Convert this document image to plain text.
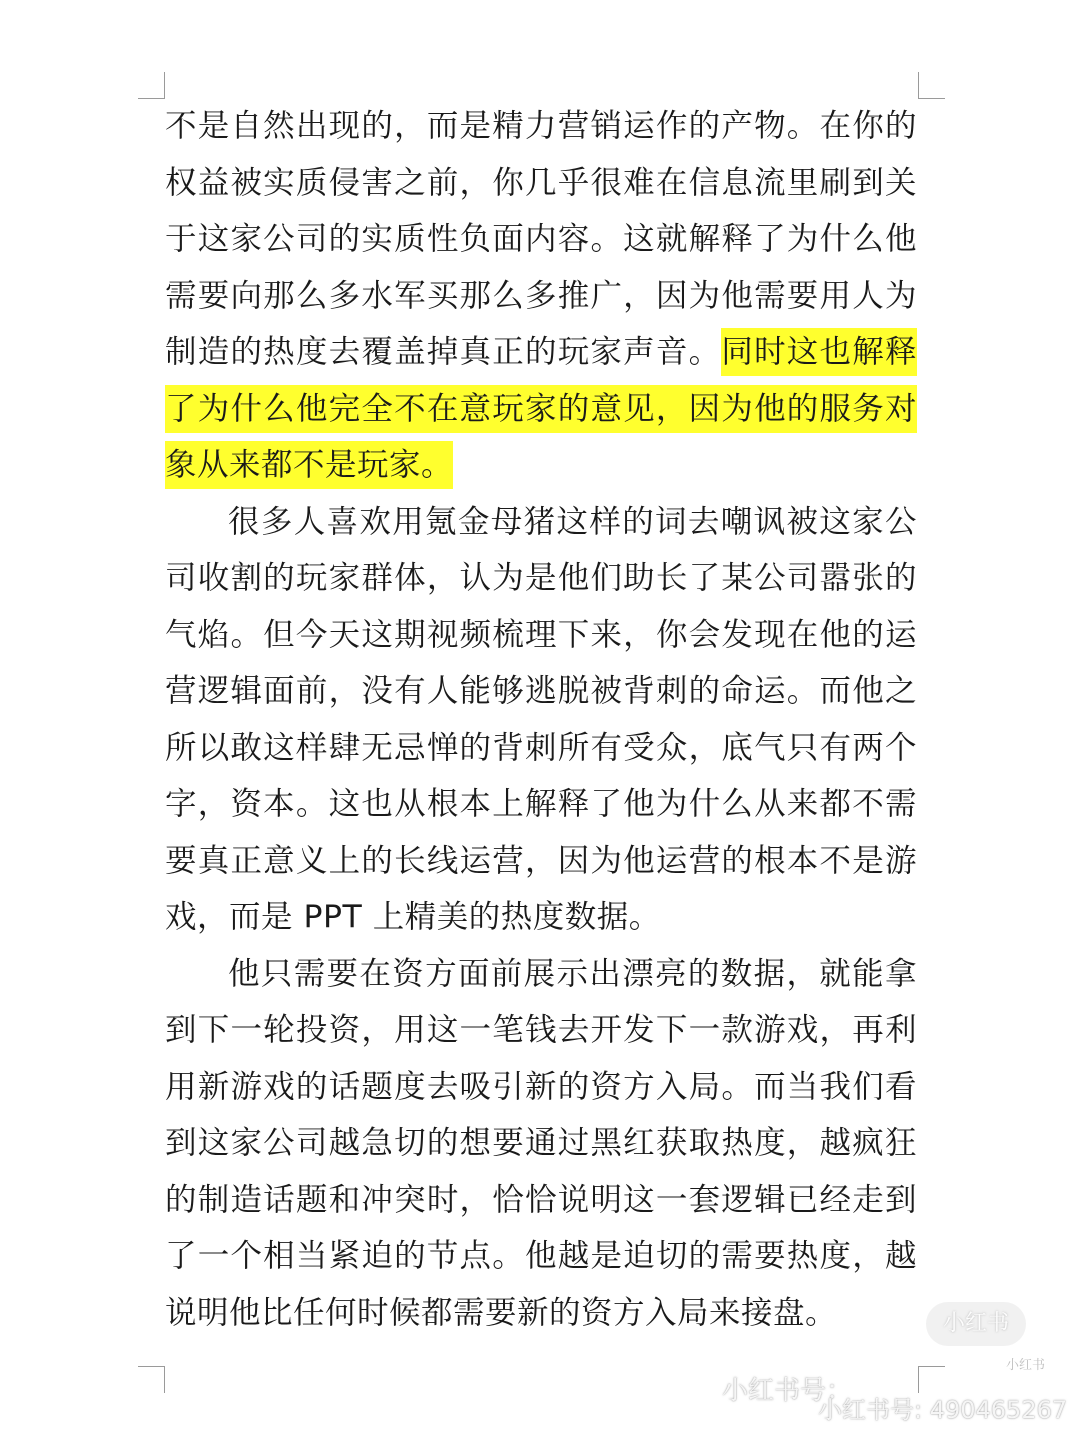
不是自然出现的，而是精力营销运作的产物。在你的权益被实质侵害之前，你几乎很难在信息流里刷到关于这家公司的实质性负面内容。这就解释了为什么他需要向那么多水军买那么多推广，因为他需要用人为制造的热度去覆盖掉真正的玩家声音。同时这也解释了为什么他完全不在意玩家的意见，因为他的服务对象从来都不是玩家。

很多人喜欢用氪金母猪这样的词去嘲讽被这家公司收割的玩家群体，认为是他们助长了某公司嚣张的气焰。但今天这期视频梳理下来，你会发现在他的运营逻辑面前，没有人能够逃脱被背刺的命运。而他之所以敢这样肆无忌惮的背刺所有受众，底气只有两个字，资本。这也从根本上解释了他为什么从来都不需要真正意义上的长线运营，因为他运营的根本不是游戏，而是 PPT 上精美的热度数据。

他只需要在资方面前展示出漂亮的数据，就能拿到下一轮投资，用这一笔钱去开发下一款游戏，再利用新游戏的话题度去吸引新的资方入局。而当我们看到这家公司越急切的想要通过黑红获取热度，越疯狂的制造话题和冲突时，恰恰说明这一套逻辑已经走到了一个相当紧迫的节点。他越是迫切的需要热度，越说明他比任何时候都需要新的资方入局来接盘。	小红书
小红书
小红书号：
小红书号: 490465267
